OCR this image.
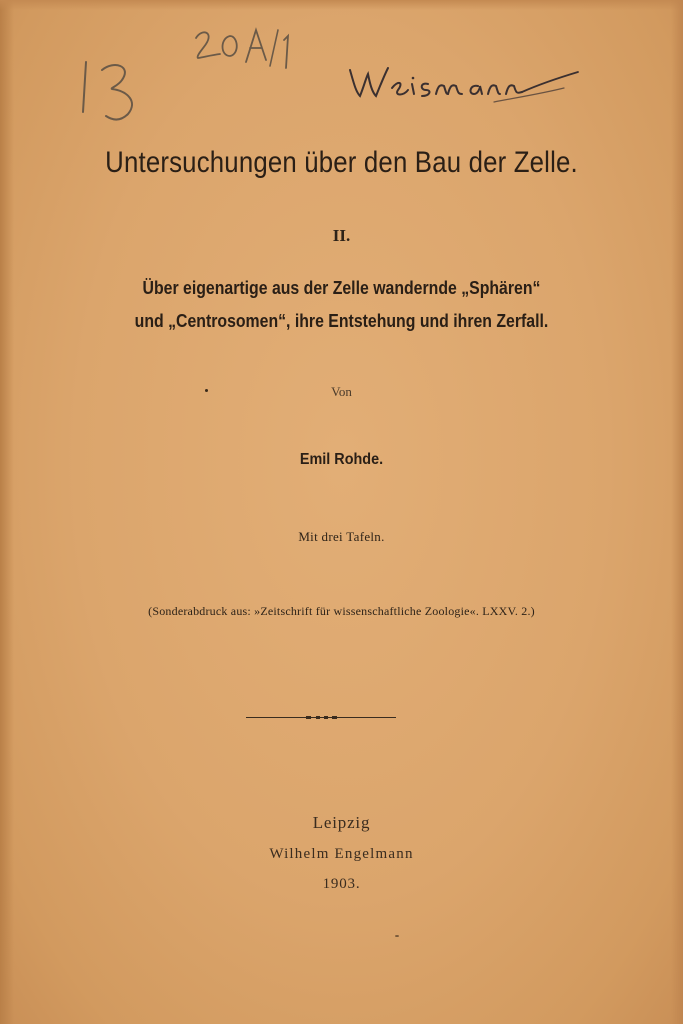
Untersuchungen über den Bau der Zelle.
II.
Über eigenartige aus der Zelle wandernde „Sphären“
und „Centrosomen“, ihre Entstehung und ihren Zerfall.
Von
Emil Rohde.
Mit drei Tafeln.
(Sonderabdruck aus: »Zeitschrift für wissenschaftliche Zoologie«. LXXV. 2.)
Leipzig
Wilhelm Engelmann
1903.
